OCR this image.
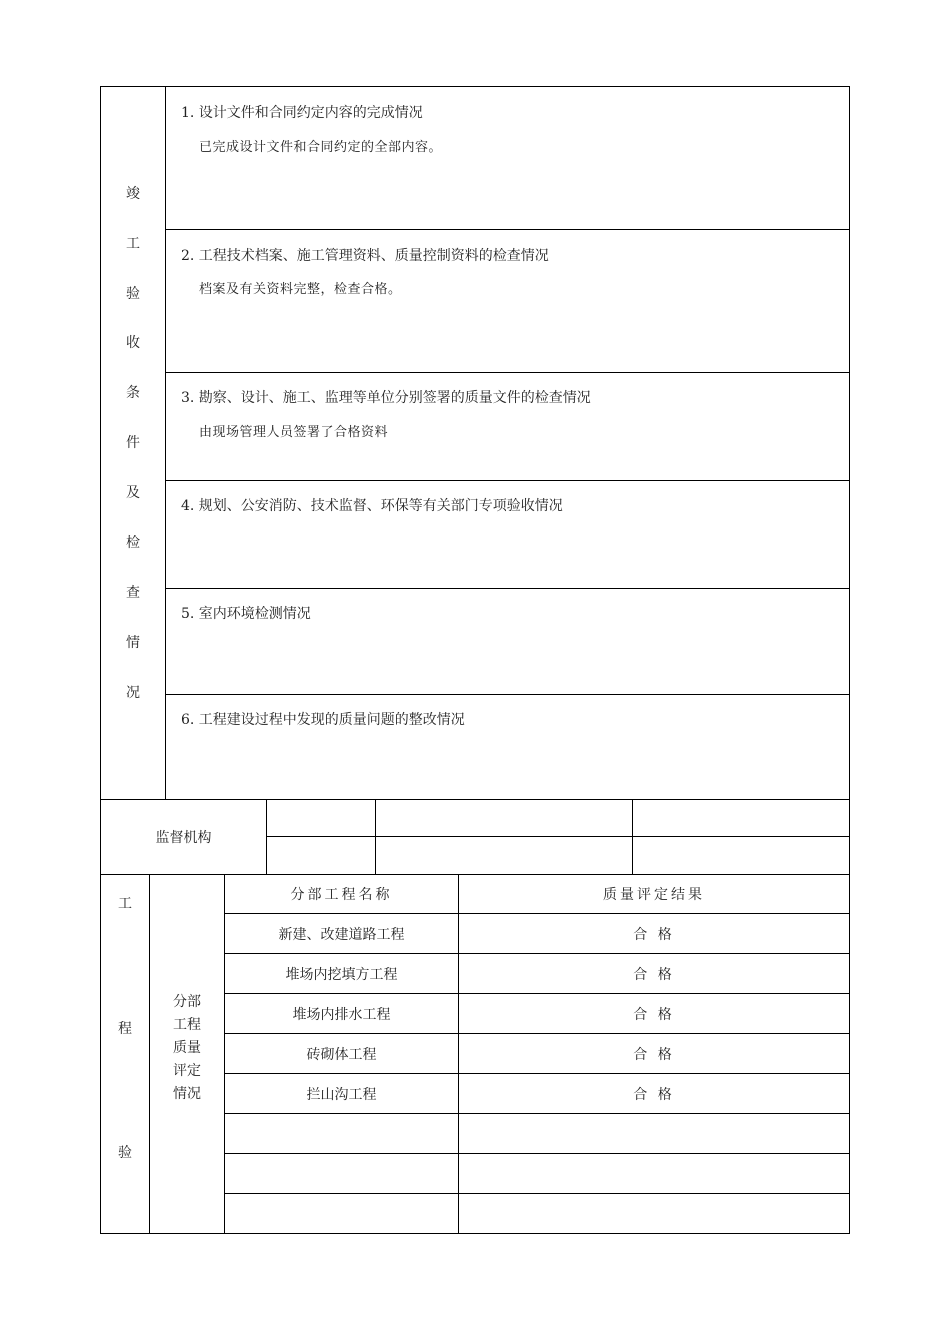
竣
工
验
收
条
件
及
检
查
情
况
1. 设计文件和合同约定内容的完成情况
已完成设计文件和合同约定的全部内容。
2. 工程技术档案、施工管理资料、质量控制资料的检查情况
档案及有关资料完整，检查合格。
3. 勘察、设计、施工、监理等单位分别签署的质量文件的检查情况
由现场管理人员签署了合格资料
4. 规划、公安消防、技术监督、环保等有关部门专项验收情况
5. 室内环境检测情况
6. 工程建设过程中发现的质量问题的整改情况
监督机构
工
程
验
分部
工程
质量
评定
情况
分部工程名称	质量评定结果
新建、改建道路工程	合 格
堆场内挖填方工程	合 格
堆场内排水工程	合 格
砖砌体工程	合 格
拦山沟工程	合 格
